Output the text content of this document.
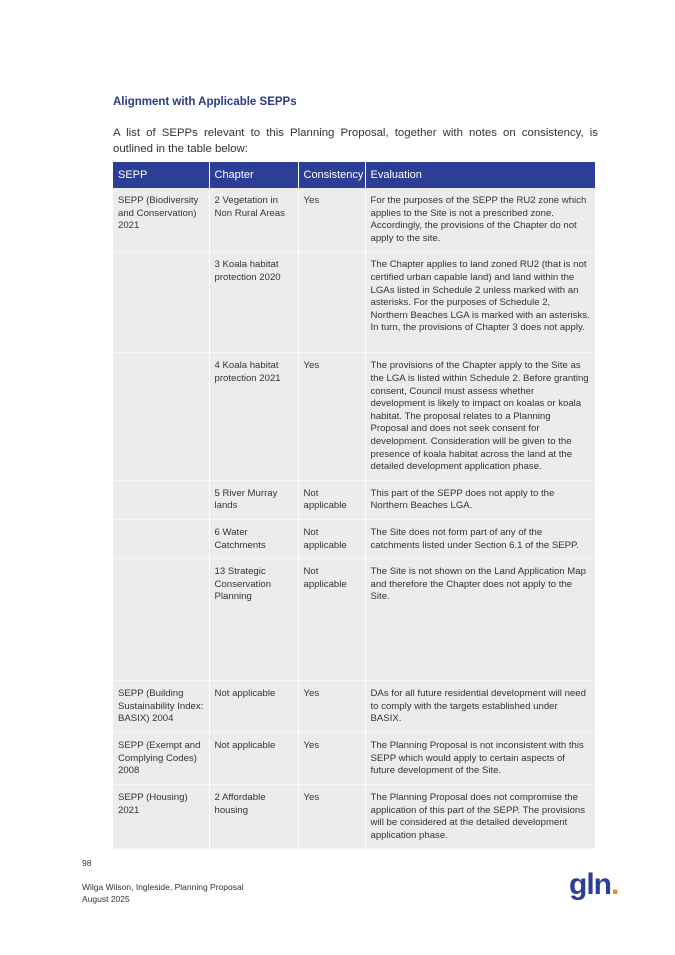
Alignment with Applicable SEPPs
A list of SEPPs relevant to this Planning Proposal, together with notes on consistency, is outlined in the table below:
SEPP	Chapter	Consistency	Evaluation
SEPP (Biodiversity and Conservation) 2021	2 Vegetation in Non Rural Areas	Yes	For the purposes of the SEPP the RU2 zone which applies to the Site is not a prescribed zone. Accordingly, the provisions of the Chapter do not apply to the site.
	3 Koala habitat protection 2020		The Chapter applies to land zoned RU2 (that is not certified urban capable land) and land within the LGAs listed in Schedule 2 unless marked with an asterisks. For the purposes of Schedule 2, Northern Beaches LGA is marked with an asterisks. In turn, the provisions of Chapter 3 does not apply.
	4 Koala habitat protection 2021	Yes	The provisions of the Chapter apply to the Site as the LGA is listed within Schedule 2. Before granting consent, Council must assess whether development is likely to impact on koalas or koala habitat. The proposal relates to a Planning Proposal and does not seek consent for development. Consideration will be given to the presence of koala habitat across the land at the detailed development application phase.
	5 River Murray lands	Not applicable	This part of the SEPP does not apply to the Northern Beaches LGA.
	6 Water Catchments	Not applicable	The Site does not form part of any of the catchments listed under Section 6.1 of the SEPP.
	13 Strategic Conservation Planning	Not applicable	The Site is not shown on the Land Application Map and therefore the Chapter does not apply to the Site.
SEPP (Building Sustainability Index: BASIX) 2004	Not applicable	Yes	DAs for all future residential development will need to comply with the targets established under BASIX.
SEPP (Exempt and Complying Codes) 2008	Not applicable	Yes	The Planning Proposal is not inconsistent with this SEPP which would apply to certain aspects of future development of the Site.
SEPP (Housing) 2021	2 Affordable housing	Yes	The Planning Proposal does not compromise the application of this part of the SEPP. The provisions will be considered at the detailed development application phase.
98
Wilga Wilson, Ingleside, Planning Proposal
August 2025	gln.
